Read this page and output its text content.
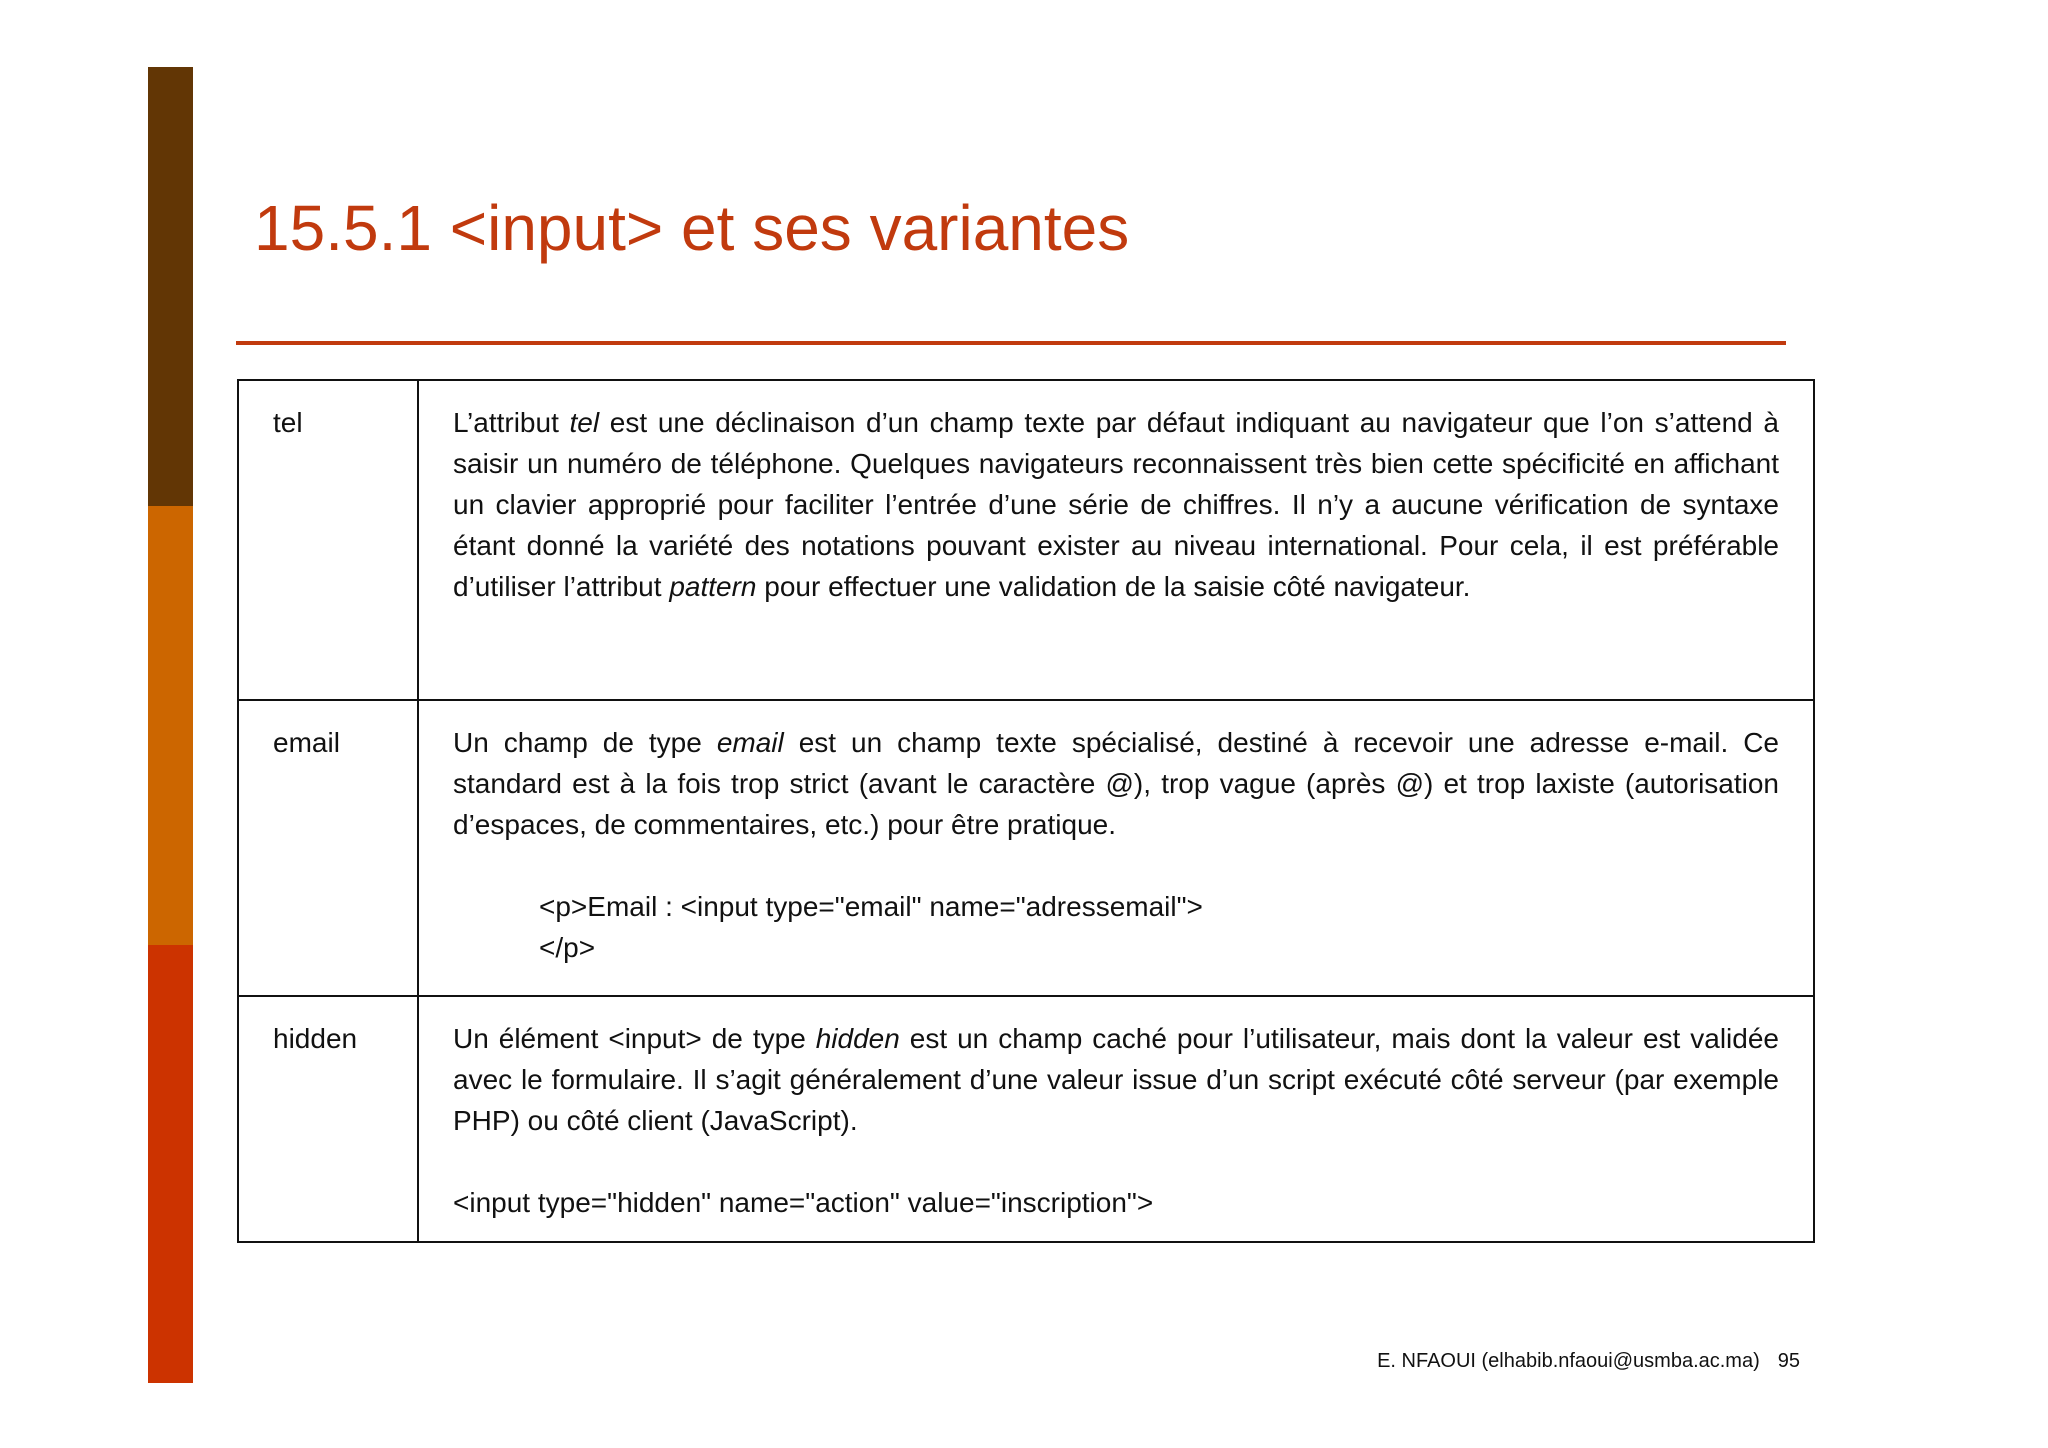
15.5.1 <input> et ses variantes
tel	L’attribut tel est une déclinaison d’un champ texte par défaut indiquant au navigateur que l’on s’attend à saisir un numéro de téléphone. Quelques navigateurs reconnaissent très bien cette spécificité en affichant un clavier approprié pour faciliter l’entrée d’une série de chiffres. Il n’y a aucune vérification de syntaxe étant donné la variété des notations pouvant exister au niveau international. Pour cela, il est préférable d’utiliser l’attribut pattern pour effectuer une validation de la saisie côté navigateur.

email	Un champ de type email est un champ texte spécialisé, destiné à recevoir une adresse e-mail. Ce standard est à la fois trop strict (avant le caractère @), trop vague (après @) et trop laxiste (autorisation d’espaces, de commentaires, etc.) pour être pratique.
<p>Email : <input type="email" name="adressemail">
</p>

hidden	Un élément <input> de type hidden est un champ caché pour l’utilisateur, mais dont la valeur est validée avec le formulaire. Il s’agit généralement d’une valeur issue d’un script exécuté côté serveur (par exemple PHP) ou côté client (JavaScript).
<input type="hidden" name="action" value="inscription">
E. NFAOUI (elhabib.nfaoui@usmba.ac.ma) 95
